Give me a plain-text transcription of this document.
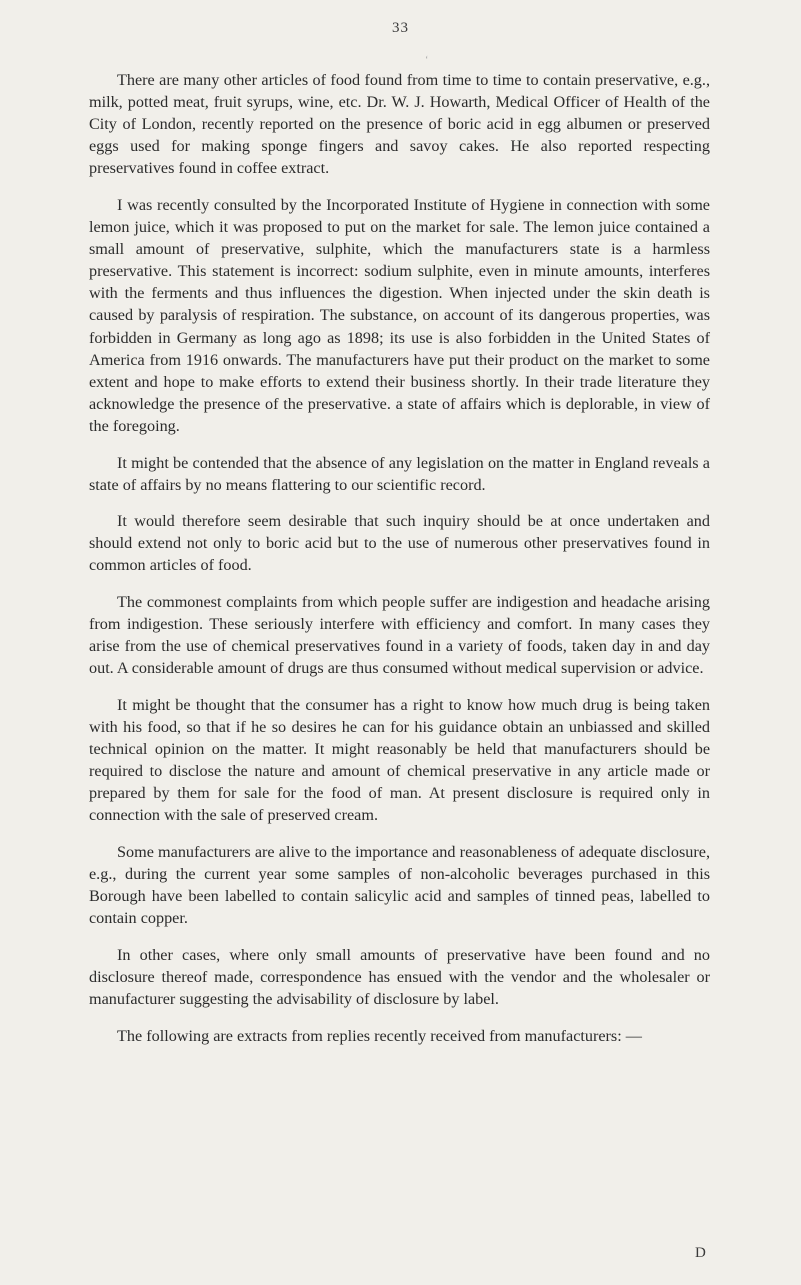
33
‘

There are many other articles of food found from time to time to contain preservative, e.g., milk, potted meat, fruit syrups, wine, etc. Dr. W. J. Howarth, Medical Officer of Health of the City of London, recently reported on the presence of boric acid in egg albumen or preserved eggs used for making sponge fingers and savoy cakes. He also reported respecting preservatives found in coffee extract.

I was recently consulted by the Incorporated Institute of Hygiene in connection with some lemon juice, which it was proposed to put on the market for sale. The lemon juice contained a small amount of preservative, sulphite, which the manufacturers state is a harmless preservative. This statement is incorrect: sodium sulphite, even in minute amounts, interferes with the ferments and thus influences the digestion. When injected under the skin death is caused by paralysis of respiration. The substance, on account of its dangerous properties, was forbidden in Germany as long ago as 1898; its use is also forbidden in the United States of America from 1916 onwards. The manufacturers have put their product on the market to some extent and hope to make efforts to extend their business shortly. In their trade literature they acknowledge the presence of the preservative. a state of affairs which is deplorable, in view of the foregoing.

It might be contended that the absence of any legislation on the matter in England reveals a state of affairs by no means flattering to our scientific record.

It would therefore seem desirable that such inquiry should be at once undertaken and should extend not only to boric acid but to the use of numerous other preservatives found in common articles of food.

The commonest complaints from which people suffer are indigestion and headache arising from indigestion. These seriously interfere with efficiency and comfort. In many cases they arise from the use of chemical preservatives found in a variety of foods, taken day in and day out. A considerable amount of drugs are thus consumed without medical supervision or advice.

It might be thought that the consumer has a right to know how much drug is being taken with his food, so that if he so desires he can for his guidance obtain an unbiassed and skilled technical opinion on the matter. It might reasonably be held that manufacturers should be required to disclose the nature and amount of chemical preservative in any article made or prepared by them for sale for the food of man. At present disclosure is required only in connection with the sale of preserved cream.

Some manufacturers are alive to the importance and reasonableness of adequate disclosure, e.g., during the current year some samples of non-alcoholic beverages purchased in this Borough have been labelled to contain salicylic acid and samples of tinned peas, labelled to contain copper.

In other cases, where only small amounts of preservative have been found and no disclosure thereof made, correspondence has ensued with the vendor and the wholesaler or manufacturer suggesting the advisability of disclosure by label.

The following are extracts from replies recently received from manufacturers: —

D
